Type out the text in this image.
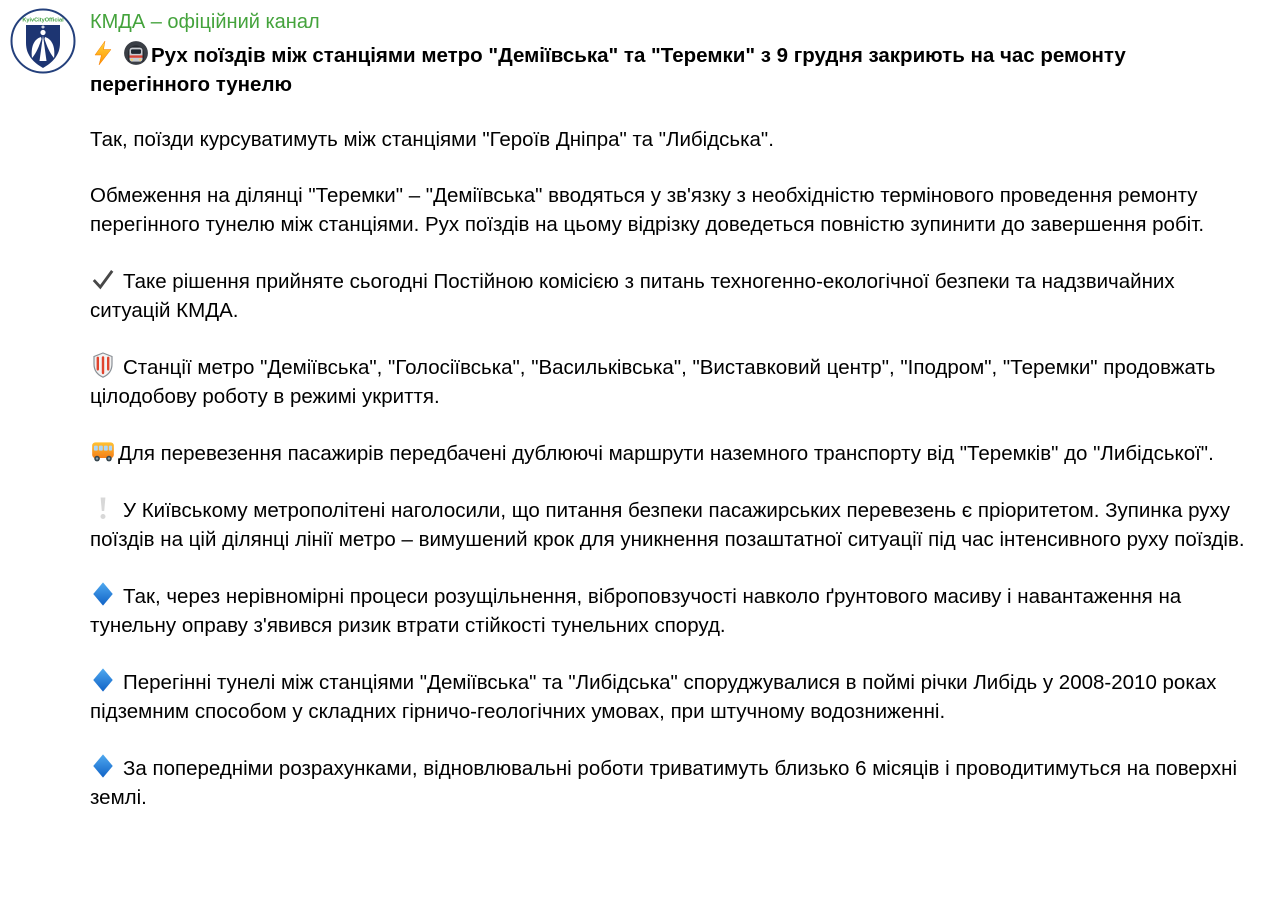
KyivCityOfficial КМДА – офіційний канал
Рух поїздів між станціями метро "Деміївська" та "Теремки" з 9 грудня закриють на час ремонту перегінного тунелю

Так, поїзди курсуватимуть між станціями "Героїв Дніпра" та "Либідська".

Обмеження на ділянці "Теремки" – "Деміївська" вводяться у зв'язку з необхідністю термінового проведення ремонту перегінного тунелю між станціями. Рух поїздів на цьому відрізку доведеться повністю зупинити до завершення робіт.

Таке рішення прийняте сьогодні Постійною комісією з питань техногенно-екологічної безпеки та надзвичайних ситуацій КМДА.

Станції метро "Деміївська", "Голосіївська", "Васильківська", "Виставковий центр", "Іподром", "Теремки" продовжать цілодобову роботу в режимі укриття.

Для перевезення пасажирів передбачені дублюючі маршрути наземного транспорту від "Теремків" до "Либідської".

У Київському метрополітені наголосили, що питання безпеки пасажирських перевезень є пріоритетом. Зупинка руху поїздів на цій ділянці лінії метро – вимушений крок для уникнення позаштатної ситуації під час інтенсивного руху поїздів.

Так, через нерівномірні процеси розущільнення, віброповзучості навколо ґрунтового масиву і навантаження на тунельну оправу з'явився ризик втрати стійкості тунельних споруд.

Перегінні тунелі між станціями "Деміївська" та "Либідська" споруджувалися в поймі річки Либідь у 2008-2010 роках підземним способом у складних гірничо-геологічних умовах, при штучному водозниженні.

За попередніми розрахунками, відновлювальні роботи триватимуть близько 6 місяців і проводитимуться на поверхні землі.
